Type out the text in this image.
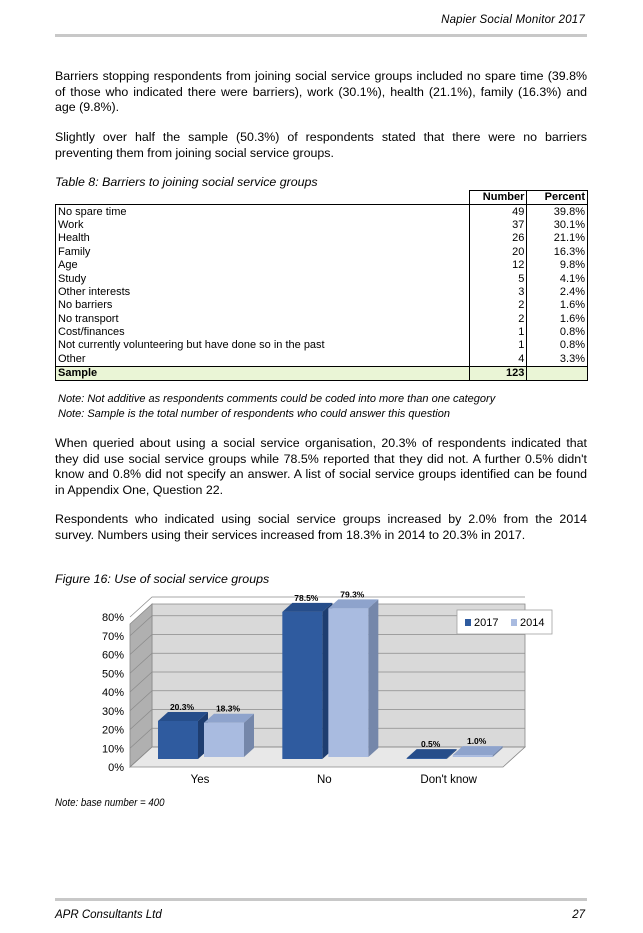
Napier Social Monitor 2017

Barriers stopping respondents from joining social service groups included no spare time (39.8% of those who indicated there were barriers), work (30.1%), health (21.1%), family (16.3%) and age (9.8%).

Slightly over half the sample (50.3%) of respondents stated that there were no barriers preventing them from joining social service groups.

Table 8: Barriers to joining social service groups
	Number	Percent
No spare time	49	39.8%
Work	37	30.1%
Health	26	21.1%
Family	20	16.3%
Age	12	9.8%
Study	5	4.1%
Other interests	3	2.4%
No barriers	2	1.6%
No transport	2	1.6%
Cost/finances	1	0.8%
Not currently volunteering but have done so in the past	1	0.8%
Other	4	3.3%
Sample	123	
Note: Not additive as respondents comments could be coded into more than one category
Note: Sample is the total number of respondents who could answer this question

When queried about using a social service organisation, 20.3% of respondents indicated that they did use social service groups while 78.5% reported that they did not. A further 0.5% didn't know and 0.8% did not specify an answer. A list of social service groups identified can be found in Appendix One, Question 22.

Respondents who indicated using social service groups increased by 2.0% from the 2014 survey. Numbers using their services increased from 18.3% in 2014 to 20.3% in 2017.

Figure 16: Use of social service groups
0%
10%
20%
30%
40%
50%
60%
70%
80%
20.3%	18.3%
Yes
78.5%	79.3%
No
0.5%	1.0%
Don't know
2017 2014
Note: base number = 400
APR Consultants Ltd	27
